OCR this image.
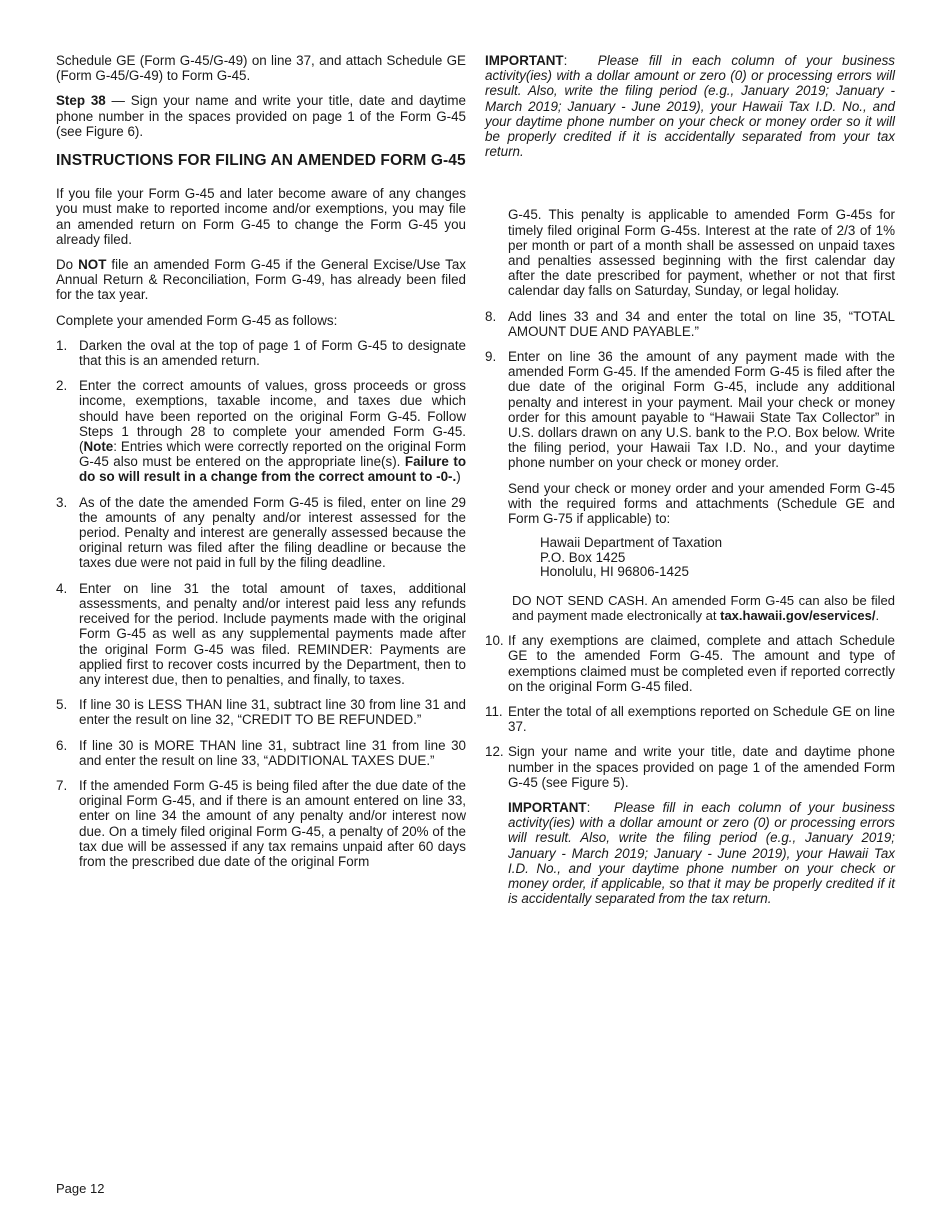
Schedule GE (Form G-45/G-49) on line 37, and attach Schedule GE (Form G-45/G-49) to Form G-45.

Step 38 — Sign your name and write your title, date and daytime phone number in the spaces provided on page 1 of the Form G-45 (see Figure 6).

INSTRUCTIONS FOR FILING AN AMENDED FORM G-45

If you file your Form G-45 and later become aware of any changes you must make to reported income and/or exemptions, you may file an amended return on Form G-45 to change the Form G-45 you already filed.

Do NOT file an amended Form G-45 if the General Excise/Use Tax Annual Return & Reconciliation, Form G-49, has already been filed for the tax year.

Complete your amended Form G-45 as follows:

1. Darken the oval at the top of page 1 of Form G-45 to designate that this is an amended return.
2. Enter the correct amounts of values, gross proceeds or gross income, exemptions, taxable income, and taxes due which should have been reported on the original Form G-45. Follow Steps 1 through 28 to complete your amended Form G-45. (Note: Entries which were correctly reported on the original Form G-45 also must be entered on the appropriate line(s). Failure to do so will result in a change from the correct amount to -0-.)
3. As of the date the amended Form G-45 is filed, enter on line 29 the amounts of any penalty and/or interest assessed for the period. Penalty and interest are generally assessed because the original return was filed after the filing deadline or because the taxes due were not paid in full by the filing deadline.
4. Enter on line 31 the total amount of taxes, additional assessments, and penalty and/or interest paid less any refunds received for the period. Include payments made with the original Form G-45 as well as any supplemental payments made after the original Form G-45 was filed. REMINDER: Payments are applied first to recover costs incurred by the Department, then to any interest due, then to penalties, and finally, to taxes.
5. If line 30 is LESS THAN line 31, subtract line 30 from line 31 and enter the result on line 32, “CREDIT TO BE REFUNDED.”
6. If line 30 is MORE THAN line 31, subtract line 31 from line 30 and enter the result on line 33, “ADDITIONAL TAXES DUE.”
7. If the amended Form G-45 is being filed after the due date of the original Form G-45, and if there is an amount entered on line 33, enter on line 34 the amount of any penalty and/or interest now due. On a timely filed original Form G-45, a penalty of 20% of the tax due will be assessed if any tax remains unpaid after 60 days from the prescribed due date of the original Form

IMPORTANT:   Please fill in each column of your business activity(ies) with a dollar amount or zero (0) or processing errors will result. Also, write the filing period (e.g., January 2019; January - March 2019; January - June 2019), your Hawaii Tax I.D. No., and your daytime phone number on your check or money order so it will be properly credited if it is accidentally separated from your tax return.

G-45. This penalty is applicable to amended Form G-45s for timely filed original Form G-45s. Interest at the rate of 2/3 of 1% per month or part of a month shall be assessed on unpaid taxes and penalties assessed beginning with the first calendar day after the date prescribed for payment, whether or not that first calendar day falls on Saturday, Sunday, or legal holiday.

8. Add lines 33 and 34 and enter the total on line 35, “TOTAL AMOUNT DUE AND PAYABLE.”
9. Enter on line 36 the amount of any payment made with the amended Form G-45. If the amended Form G-45 is filed after the due date of the original Form G-45, include any additional penalty and interest in your payment. Mail your check or money order for this amount payable to “Hawaii State Tax Collector” in U.S. dollars drawn on any U.S. bank to the P.O. Box below. Write the filing period, your Hawaii Tax I.D. No., and your daytime phone number on your check or money order.

Send your check or money order and your amended Form G-45 with the required forms and attachments (Schedule GE and Form G-75 if applicable) to:

Hawaii Department of Taxation
P.O. Box 1425
Honolulu, HI 96806-1425

DO NOT SEND CASH. An amended Form G-45 can also be filed and payment made electronically at tax.hawaii.gov/eservices/.

10. If any exemptions are claimed, complete and attach Schedule GE to the amended Form G-45. The amount and type of exemptions claimed must be completed even if reported correctly on the original Form G-45 filed.
11. Enter the total of all exemptions reported on Schedule GE on line 37.
12. Sign your name and write your title, date and daytime phone number in the spaces provided on page 1 of the amended Form G-45 (see Figure 5).

IMPORTANT:   Please fill in each column of your business activity(ies) with a dollar amount or zero (0) or processing errors will result. Also, write the filing period (e.g., January 2019; January - March 2019; January - June 2019), your Hawaii Tax I.D. No., and your daytime phone number on your check or money order, if applicable, so that it may be properly credited if it is accidentally separated from the tax return.

Page 12
